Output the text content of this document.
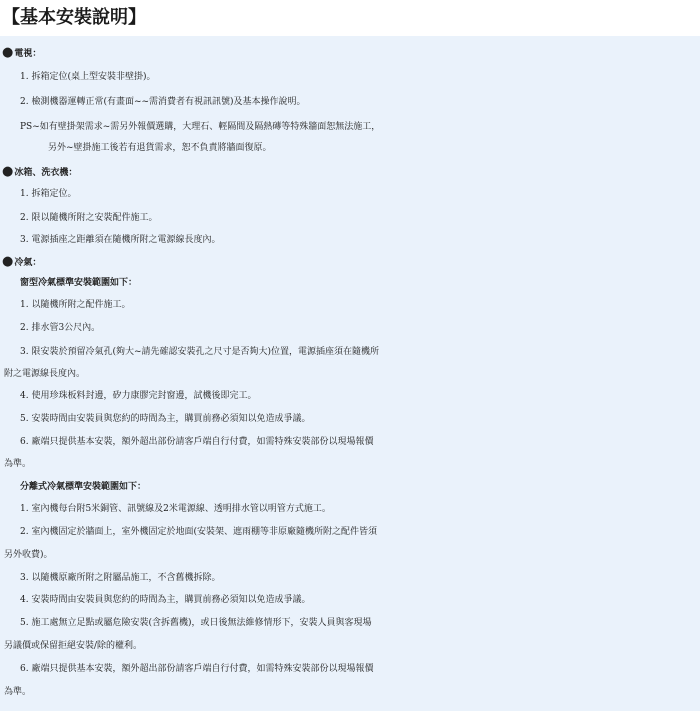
【基本安裝說明】
●電視：
1. 拆箱定位(桌上型安裝非壁掛)。
2. 檢測機器運轉正常(有畫面~~需消費者有視訊訊號)及基本操作說明。
PS~如有壁掛架需求~需另外報價選購，大理石、輕隔間及隔熱磚等特殊牆面恕無法施工，
另外~壁掛施工後若有退貨需求，恕不負責將牆面復原。
●冰箱、洗衣機：
1. 拆箱定位。
2. 限以隨機所附之安裝配件施工。
3. 電源插座之距離須在隨機所附之電源線長度內。
●冷氣：
窗型冷氣標準安裝範圍如下：
1. 以隨機所附之配件施工。
2. 排水管3公尺內。
3. 限安裝於預留冷氣孔(夠大~請先確認安裝孔之尺寸是否夠大)位置，電源插座須在隨機所
附之電源線長度內。
4. 使用珍珠板料封邊，矽力康膠完封窗邊，試機後即完工。
5. 安裝時間由安裝員與您約的時間為主，購買前務必須知以免造成爭議。
6. 廠端只提供基本安裝，額外超出部份請客戶端自行付費，如需特殊安裝部份以現場報價
為準。
分離式冷氣標準安裝範圍如下：
1. 室內機每台附5米銅管、訊號線及2米電源線、透明排水管以明管方式施工。
2. 室內機固定於牆面上，室外機固定於地面(安裝架、遮雨棚等非原廠隨機所附之配件皆須
另外收費)。
3. 以隨機原廠所附之附屬品施工，不含舊機拆除。
4. 安裝時間由安裝員與您約的時間為主，購買前務必須知以免造成爭議。
5. 施工處無立足點或屬危險安裝(含拆舊機)，或日後無法維修情形下，安裝人員與客現場
另議價或保留拒絕安裝/除的權利。
6. 廠端只提供基本安裝，額外超出部份請客戶端自行付費，如需特殊安裝部份以現場報價
為準。
